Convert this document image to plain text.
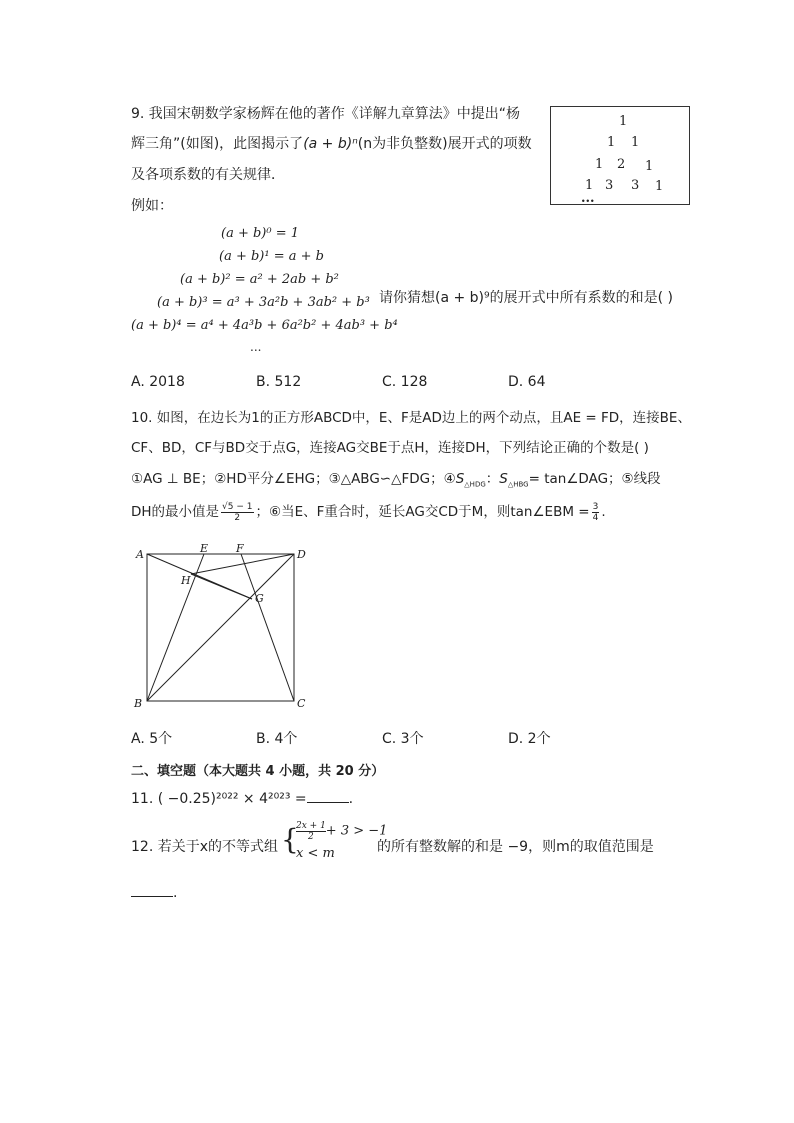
9. 我国宋朝数学家杨辉在他的著作《详解九章算法》中提出“杨
辉三角”(如图)，此图揭示了(a + b)ⁿ(n为非负整数)展开式的项数
及各项系数的有关规律．
例如：
1
1 1
1 2 1
1 3 3 1
...
(a + b)⁰ = 1
(a + b)¹ = a + b
(a + b)² = a² + 2ab + b²
(a + b)³ = a³ + 3a²b + 3ab² + b³
(a + b)⁴ = a⁴ + 4a³b + 6a²b² + 4ab³ + b⁴
...
请你猜想(a + b)⁹的展开式中所有系数的和是( )
A. 2018	B. 512	C. 128	D. 64
10. 如图，在边长为1的正方形ABCD中，E、F是AD边上的两个动点，且AE = FD，连接BE、
CF、BD，CF与BD交于点G，连接AG交BE于点H，连接DH，下列结论正确的个数是( )
①AG ⊥ BE；②HD平分∠EHG；③△ABG∽△FDG；$④S_{\triangle HDG}$：$S_{\triangle HBG}=$ tan∠DAG；⑤线段
DH的最小值是 $\frac{√5 - 1}{2}$ ；⑥当E、F重合时，延长AG交CD于M，则tan∠EBM = $\frac{3}{4}$ .
A	E	F	D
H
G
B	C
A. 5个	B. 4个	C. 3个	D. 2个
二、填空题（本大题共 4 小题，共 20 分）
11. ( −0.25)²⁰²² × 4²⁰²³ =	.
12. 若关于x的不等式组 {
$\frac{2x + 1}{2} + 3 > -1$
x < m	的所有整数解的和是 −9，则m的取值范围是
.
